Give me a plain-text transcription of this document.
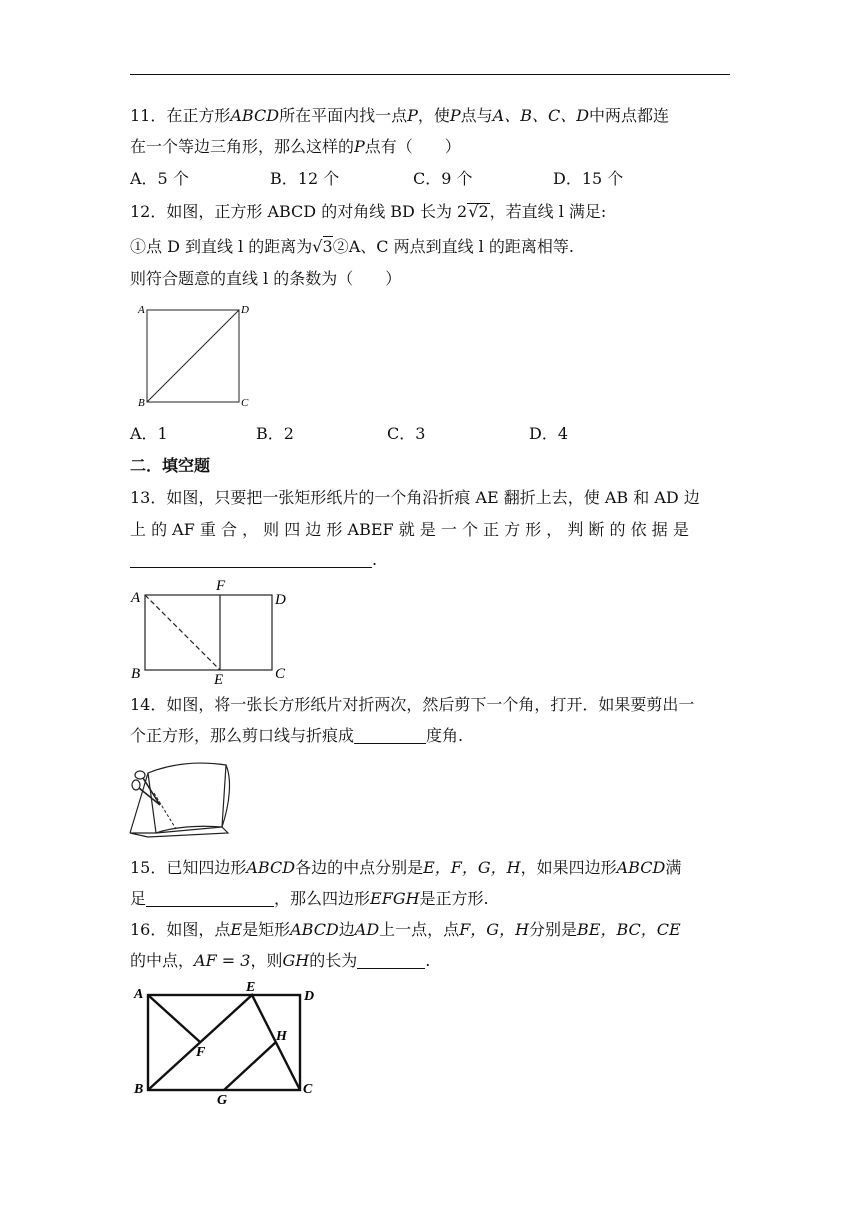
11．在正方形ABCD所在平面内找一点P，使P点与A、B、C、D中两点都连
在一个等边三角形，那么这样的P点有（　　）
A．5 个	B．12 个	C．9 个	D．15 个
12．如图，正方形 ABCD 的对角线 BD 长为 2√2，若直线 l 满足:
①点 D 到直线 l 的距离为√3②A、C 两点到直线 l 的距离相等.
则符合题意的直线 l 的条数为（　　）
A	D
B	C
A．1	B．2	C．3	D．4
二．填空题
13．如图，只要把一张矩形纸片的一个角沿折痕 AE 翻折上去，使 AB 和 AD 边
上 的 AF 重 合 ， 则 四 边 形 ABEF 就 是 一 个 正 方 形 ， 判 断 的 依 据 是
.
A
F
D
B	C
E
14．如图，将一张长方形纸片对折两次，然后剪下一个角，打开．如果要剪出一
个正方形，那么剪口线与折痕成	度角.
15．已知四边形ABCD各边的中点分别是E，F，G，H，如果四边形ABCD满
足	，那么四边形EFGH是正方形.
16．如图，点E是矩形ABCD边AD上一点，点F，G，H分别是BE，BC，CE
的中点，AF = 3，则GH的长为	.
A	E
D
F
H
B
G
C
